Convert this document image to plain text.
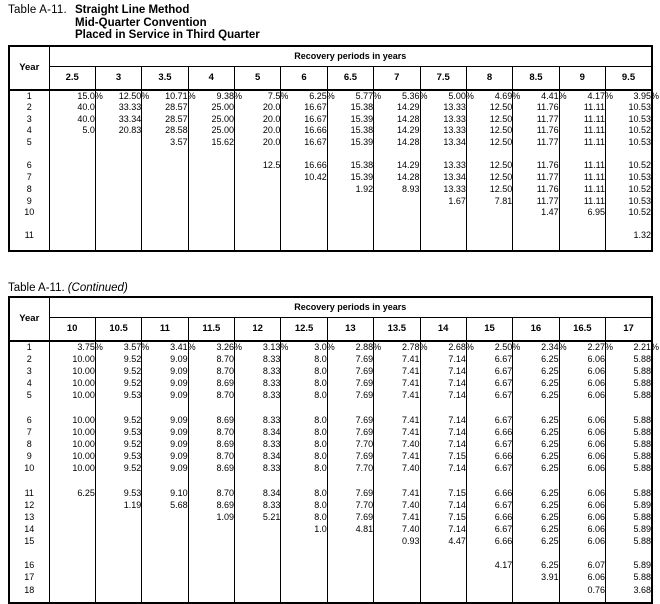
Table A-11. Straight Line Method
Mid-Quarter Convention
Placed in Service in Third Quarter
Year	Recovery periods in years												
	2.5	3	3.5	4	5	6	6.5	7	7.5	8	8.5	9	9.5
1	15.0%	12.50%	10.71%	9.38%	7.5%	6.25%	5.77%	5.36%	5.00%	4.69%	4.41%	4.17%	3.95%
2	40.0	33.33	28.57	25.00	20.0	16.67	15.38	14.29	13.33	12.50	11.76	11.11	10.53
3	40.0	33.34	28.57	25.00	20.0	16.67	15.39	14.28	13.33	12.50	11.77	11.11	10.53
4	5.0	20.83	28.58	25.00	20.0	16.66	15.38	14.29	13.33	12.50	11.76	11.11	10.52
5			3.57	15.62	20.0	16.67	15.39	14.28	13.34	12.50	11.77	11.11	10.53

6					12.5	16.66	15.38	14.29	13.33	12.50	11.76	11.11	10.52
7						10.42	15.39	14.28	13.34	12.50	11.77	11.11	10.53
8							1.92	8.93	13.33	12.50	11.76	11.11	10.52
9									1.67	7.81	11.77	11.11	10.53
10											1.47	6.95	10.52

11													1.32
Table A-11. (Continued)
Year	Recovery periods in years												
	10	10.5	11	11.5	12	12.5	13	13.5	14	15	16	16.5	17
1	3.75%	3.57%	3.41%	3.26%	3.13%	3.0%	2.88%	2.78%	2.68%	2.50%	2.34%	2.27%	2.21%
2	10.00	9.52	9.09	8.70	8.33	8.0	7.69	7.41	7.14	6.67	6.25	6.06	5.88
3	10.00	9.52	9.09	8.70	8.33	8.0	7.69	7.41	7.14	6.67	6.25	6.06	5.88
4	10.00	9.52	9.09	8.69	8.33	8.0	7.69	7.41	7.14	6.67	6.25	6.06	5.88
5	10.00	9.53	9.09	8.70	8.33	8.0	7.69	7.41	7.14	6.67	6.25	6.06	5.88

6	10.00	9.52	9.09	8.69	8.33	8.0	7.69	7.41	7.14	6.67	6.25	6.06	5.88
7	10.00	9.53	9.09	8.70	8.34	8.0	7.69	7.41	7.14	6.66	6.25	6.06	5.88
8	10.00	9.52	9.09	8.69	8.33	8.0	7.70	7.40	7.14	6.67	6.25	6.06	5.88
9	10.00	9.53	9.09	8.70	8.34	8.0	7.69	7.41	7.15	6.66	6.25	6.06	5.88
10	10.00	9.52	9.09	8.69	8.33	8.0	7.70	7.40	7.14	6.67	6.25	6.06	5.88

11	6.25	9.53	9.10	8.70	8.34	8.0	7.69	7.41	7.15	6.66	6.25	6.06	5.88
12		1.19	5.68	8.69	8.33	8.0	7.70	7.40	7.14	6.67	6.25	6.06	5.89
13				1.09	5.21	8.0	7.69	7.41	7.15	6.66	6.25	6.06	5.88
14						1.0	4.81	7.40	7.14	6.67	6.25	6.06	5.89
15								0.93	4.47	6.66	6.25	6.06	5.88

16										4.17	6.25	6.07	5.89
17											3.91	6.06	5.88
18												0.76	3.68
